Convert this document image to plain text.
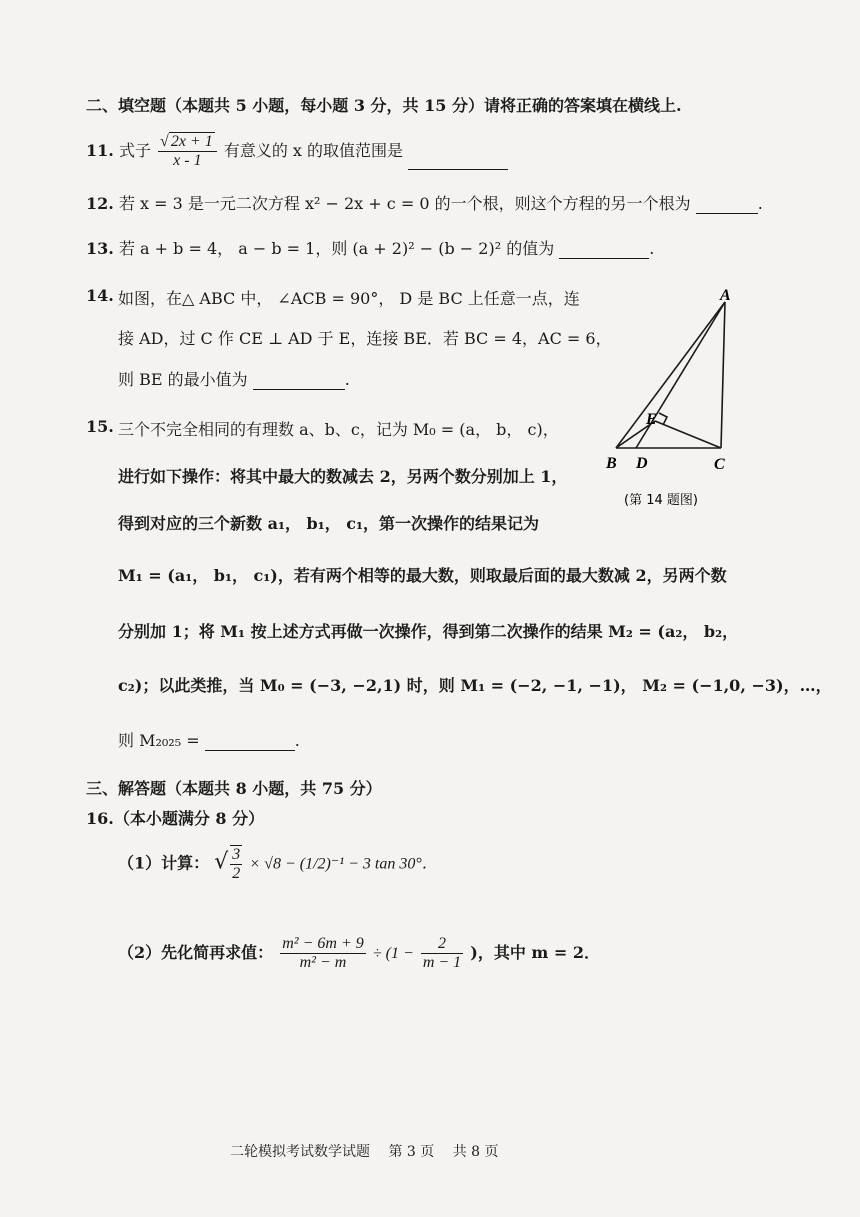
二、填空题（本题共 5 小题，每小题 3 分，共 15 分）请将正确的答案填在横线上.
11. 式子 $\frac{√ 2x + 1}{x - 1}$ 有意义的 x 的取值范围是
12. 若 x = 3 是一元二次方程 x² − 2x + c = 0 的一个根，则这个方程的另一个根为	.
13. 若 a + b = 4， a − b = 1，则 (a + 2)² − (b − 2)² 的值为	.
14. 如图，在△ ABC 中， ∠ACB = 90°， D 是 BC 上任意一点，连
接 AD，过 C 作 CE ⊥ AD 于 E，连接 BE．若 BC = 4，AC = 6，
则 BE 的最小值为	.
A
B	C
D
E
(第 14 题图)
15. 三个不完全相同的有理数 a、b、c，记为 M₀ = (a， b， c)，
进行如下操作：将其中最大的数减去 2，另两个数分别加上 1，
得到对应的三个新数 a₁， b₁， c₁，第一次操作的结果记为
M₁ = (a₁， b₁， c₁)，若有两个相等的最大数，则取最后面的最大数减 2，另两个数
分别加 1；将 M₁ 按上述方式再做一次操作，得到第二次操作的结果 M₂ = (a₂， b₂，
c₂)；以此类推，当 M₀ = (−3, −2,1) 时，则 M₁ = (−2, −1, −1)， M₂ = (−1,0, −3)，…，
则 M₂₀₂₅ =	.
三、解答题（本题共 8 小题，共 75 分）
16.（本小题满分 8 分）
（1）计算： √ $\frac{3}{2} \times √8 - (1/2)^{-1} - 3$ tan 30°．
（2）先化简再求值： $\frac{\text{m² − 6m + 9}}{\text{m² − m}} \div (1 - \frac{2}{m - 1}$ )，其中 m = 2．
二轮模拟考试数学试题　 第 3 页　 共 8 页
